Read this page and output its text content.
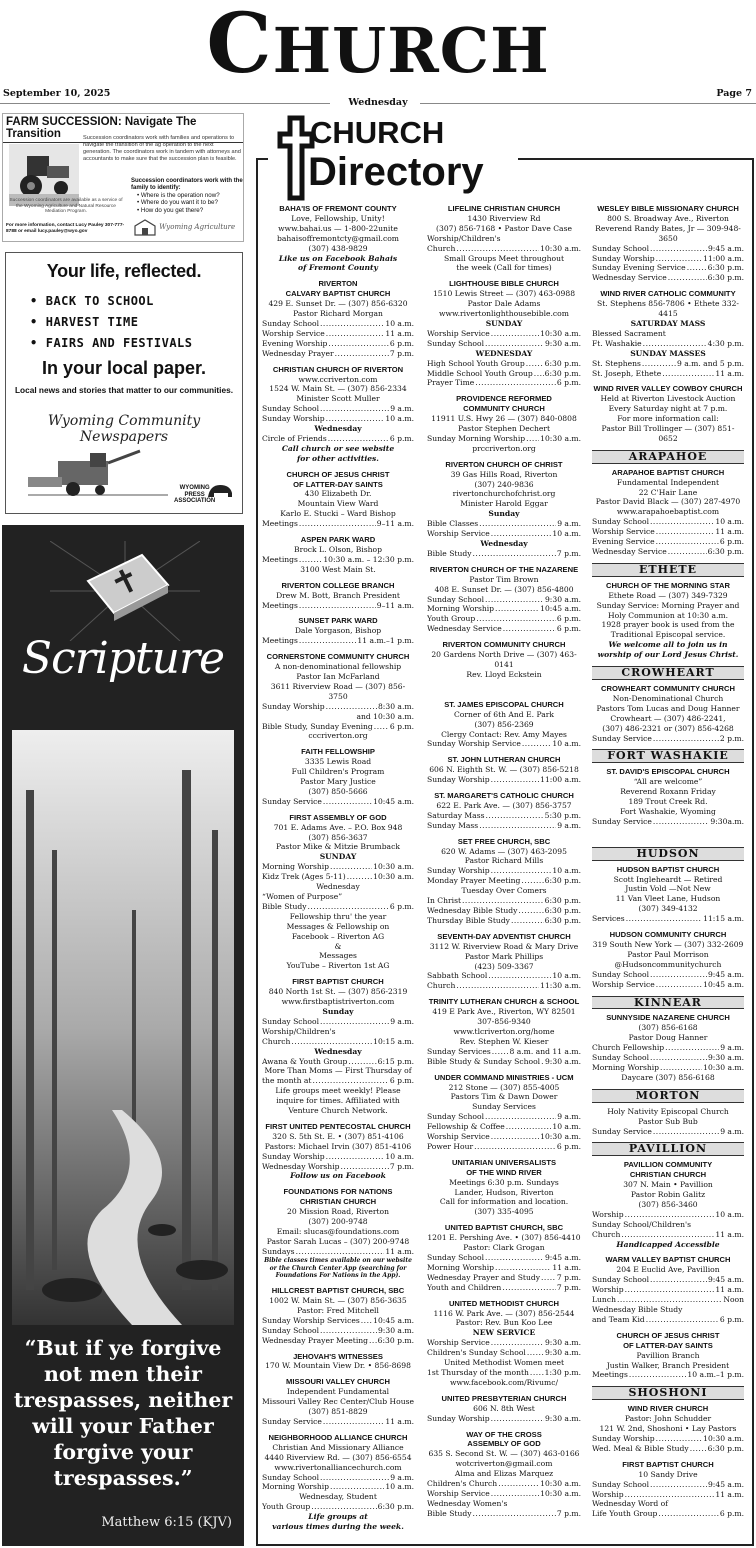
CHURCH
September 10, 2025	Page 7
Wednesday
FARM SUCCESSION: Navigate The Transition	Succession coordinators work with families and operations to navigate the transition of the ag operation to the next generation. The coordinators work in tandem with attorneys and accountants to make sure that the succession plan is feasible.
Succession coordinators work with the family to identify:
• Where is the operation now?
• Where do you want it to be?
• How do you get there?
Succession coordinators are available as a service of the Wyoming Agriculture and Natural Resource Mediation Program.
For more information, contact Lucy Pauley 307-777-8788 or email lucy.pauley@wyo.gov
Wyoming Agriculture
Your life, reflected.
• BACK TO SCHOOL
• HARVEST TIME
• FAIRS AND FESTIVALS
In your local paper.
Local news and stories that matter to our communities.
Wyoming Community Newspapers
WYOMING
PRESS
ASSOCIATION
Scripture
“But if ye forgive not men their trespasses, neither will your Father forgive your trespasses.”
Matthew 6:15 (KJV)
CHURCH
Directory
BAHA'IS OF FREMONT COUNTY
Love, Fellowship, Unity!
www.bahai.us — 1-800-22unite
bahaisoffremontcty@gmail.com
(307) 438-9829
Like us on Facebook Bahais
of Fremont County
RIVERTON
CALVARY BAPTIST CHURCH
429 E. Sunset Dr. — (307) 856-6320
Pastor Richard Morgan
Sunday School .....	10 a.m.
Worship Service .....	11 a.m.
Evening Worship .....	6 p.m.
Wednesday Prayer .....	7 p.m.
CHRISTIAN CHURCH OF RIVERTON
www.ccriverton.com
1524 W. Main St. — (307) 856-2334
Minister Scott Muller
Sunday School .....	9 a.m.
Sunday Worship .....	10 a.m.
Wednesday
Circle of Friends .....	6 p.m.
Call church or see website
for other activities.
CHURCH OF JESUS CHRIST
OF LATTER-DAY SAINTS
430 Elizabeth Dr.
Mountain View Ward
Karlo E. Stucki – Ward Bishop
Meetings .....	9–11 a.m.
ASPEN PARK WARD
Brock L. Olson, Bishop
Meetings .....	10:30 a.m. – 12:30 p.m.
3100 West Main St.
RIVERTON COLLEGE BRANCH
Drew M. Bott, Branch President
Meetings .....	9–11 a.m.
SUNSET PARK WARD
Dale Yorgason, Bishop
Meetings .....	11 a.m.–1 p.m.
CORNERSTONE COMMUNITY CHURCH
A non-denominational fellowship
Pastor Ian McFarland
3611 Riverview Road — (307) 856-3750
Sunday Worship .....	8:30 a.m.
and 10:30 a.m.
Bible Study, Sunday Evening ..... 6 p.m.
cccriverton.org
FAITH FELLOWSHIP
3335 Lewis Road
Full Children's Program
Pastor Mary Justice
(307) 850-5666
Sunday Service .....	10:45 a.m.
FIRST ASSEMBLY OF GOD
701 E. Adams Ave. – P.O. Box 948
(307) 856-3637
Pastor Mike & Mitzie Brumback
SUNDAY
Morning Worship .....	10:30 a.m.
Kidz Trek (Ages 5-11) .....	10:30 a.m.
Wednesday
“Women of Purpose”
Bible Study .....	6 p.m.
Fellowship thru' the year
Messages & Fellowship on
Facebook – Riverton AG
&
Messages
YouTube – Riverton 1st AG
FIRST BAPTIST CHURCH
840 North 1st St. — (307) 856-2319
www.firstbaptistriverton.com
Sunday
Sunday School .....	9 a.m.
Worship/Children's
Church .....	10:15 a.m.
Wednesday
Awana & Youth Group .....	6:15 p.m.
More Than Moms — First Thursday of
the month at .....	6 p.m.
Life groups meet weekly! Please
inquire for times. Affiliated with
Venture Church Network.
FIRST UNITED PENTECOSTAL CHURCH
320 S. 5th St. E. • (307) 851-4106
Pastors: Michael Irvin (307) 851-4106
Sunday Worship .....	10 a.m.
Wednesday Worship .....	7 p.m.
Follow us on Facebook
FOUNDATIONS FOR NATIONS
CHRISTIAN CHURCH
20 Mission Road, Riverton
(307) 200-9748
Email: slucas@foundations.com
Pastor Sarah Lucas – (307) 200-9748
Sundays .....	11 a.m.
Bible classes times available on our website
or the Church Center App (searching for
Foundations For Nations in the App).
HILLCREST BAPTIST CHURCH, SBC
1002 W. Main St. — (307) 856-3635
Pastor: Fred Mitchell
Sunday Worship Services ..... 10:45 a.m.
Sunday School .....	9:30 a.m.
Wednesday Prayer Meeting ..... 6:30 p.m.
JEHOVAH'S WITNESSES
170 W. Mountain View Dr. • 856-8698
MISSOURI VALLEY CHURCH
Independent Fundamental
Missouri Valley Rec Center/Club House
(307) 851-8829
Sunday Service .....	11 a.m.
NEIGHBORHOOD ALLIANCE CHURCH
Christian And Missionary Alliance
4440 Riverview Rd. — (307) 856-6554
www.rivertonalliancechurch.com
Sunday School .....	9 a.m.
Morning Worship .....	10 a.m.
Wednesday, Student
Youth Group .....	6:30 p.m.
Life groups at
various times during the week.
LIFELINE CHRISTIAN CHURCH
1430 Riverview Rd
(307) 856-7168 • Pastor Dave Case
Worship/Children's
Church .....	10:30 a.m.
Small Groups Meet throughout
the week (Call for times)
LIGHTHOUSE BIBLE CHURCH
1510 Lewis Street — (307) 463-0988
Pastor Dale Adams
www.rivertonlighthousebible.com
SUNDAY
Worship Service .....	10:30 a.m.
Sunday School .....	9:30 a.m.
WEDNESDAY
High School Youth Group .....	6:30 p.m.
Middle School Youth Group ..... 6:30 p.m.
Prayer Time .....	6 p.m.
PROVIDENCE REFORMED
COMMUNITY CHURCH
11911 U.S. Hwy 26 — (307) 840-0808
Pastor Stephen Dechert
Sunday Morning Worship ..... 10:30 a.m.
prccriverton.org
RIVERTON CHURCH OF CHRIST
39 Gas Hills Road, Riverton
(307) 240-9836
rivertonchurchofchrist.org
Minister Harold Eggar
Sunday
Bible Classes .....	9 a.m.
Worship Service .....	10 a.m.
Wednesday
Bible Study .....	7 p.m.
RIVERTON CHURCH OF THE NAZARENE
Pastor Tim Brown
408 E. Sunset Dr. — (307) 856-4800
Sunday School .....	9:30 a.m.
Morning Worship .....	10:45 a.m.
Youth Group .....	6 p.m.
Wednesday Service .....	6 p.m.
RIVERTON COMMUNITY CHURCH
20 Gardens North Drive — (307) 463-0141
Rev. Lloyd Eckstein
ST. JAMES EPISCOPAL CHURCH
Corner of 6th And E. Park
(307) 856-2369
Clergy Contact: Rev. Amy Mayes
Sunday Worship Service .....	10 a.m.
ST. JOHN LUTHERAN CHURCH
606 N. Eighth St. W. — (307) 856-5218
Sunday Worship .....	11:00 a.m.
ST. MARGARET'S CATHOLIC CHURCH
622 E. Park Ave. — (307) 856-3757
Saturday Mass .....	5:30 p.m.
Sunday Mass .....	9 a.m.
SET FREE CHURCH, SBC
620 W. Adams — (307) 463-2095
Pastor Richard Mills
Sunday Worship .....	10 a.m.
Monday Prayer Meeting .....	6:30 p.m.
Tuesday Over Comers
In Christ .....	6:30 p.m.
Wednesday Bible Study .....	6:30 p.m.
Thursday Bible Study .....	6:30 p.m.
SEVENTH-DAY ADVENTIST CHURCH
3112 W. Riverview Road & Mary Drive
Pastor Mark Phillips
(423) 509-3367
Sabbath School .....	10 a.m.
Church .....	11:30 a.m.
TRINITY LUTHERAN CHURCH & SCHOOL
419 E Park Ave., Riverton, WY 82501
307-856-9340
www.tlcriverton.org/home
Rev. Stephen W. Kieser
Sunday Services ..... 8 a.m. and 11 a.m.
Bible Study & Sunday School ..... 9:30 a.m.
UNDER COMMAND MINISTRIES - UCM
212 Stone — (307) 855-4005
Pastors Tim & Dawn Dower
Sunday Services
Sunday School .....	9 a.m.
Fellowship & Coffee .....	10 a.m.
Worship Service .....	10:30 a.m.
Power Hour .....	6 p.m.
UNITARIAN UNIVERSALISTS
OF THE WIND RIVER
Meetings 6:30 p.m. Sundays
Lander, Hudson, Riverton
Call for information and location.
(307) 335-4095
UNITED BAPTIST CHURCH, SBC
1201 E. Pershing Ave. • (307) 856-4410
Pastor: Clark Grogan
Sunday School .....	9:45 a.m.
Morning Worship .....	11 a.m.
Wednesday Prayer and Study ..... 7 p.m.
Youth and Children .....	7 p.m.
UNITED METHODIST CHURCH
1116 W. Park Ave. — (307) 856-2544
Pastor: Rev. Bun Koo Lee
NEW SERVICE
Worship Service .....	9:30 a.m.
Children's Sunday School .....	9:30 a.m.
United Methodist Women meet
1st Thursday of the month ..... 1:30 p.m.
www.facebook.com/Rivumc/
UNITED PRESBYTERIAN CHURCH
606 N. 8th West
Sunday Worship .....	9:30 a.m.
WAY OF THE CROSS
ASSEMBLY OF GOD
635 S. Second St. W. — (307) 463-0166
wotcriverton@gmail.com
Alma and Elizas Marquez
Children's Church .....	10:30 a.m.
Worship Service .....	10:30 a.m.
Wednesday Women's
Bible Study .....	7 p.m.
WESLEY BIBLE MISSIONARY CHURCH
800 S. Broadway Ave., Riverton
Reverend Randy Bates, Jr — 309-948-3650
Sunday School .....	9:45 a.m.
Sunday Worship .....	11:00 a.m.
Sunday Evening Service .....	6:30 p.m.
Wednesday Service .....	6:30 p.m.
WIND RIVER CATHOLIC COMMUNITY
St. Stephens 856-7806 • Ethete 332-4415
SATURDAY MASS
Blessed Sacrament
Ft. Washakie .....	4:30 p.m.
SUNDAY MASSES
St. Stephens .....	9 a.m. and 5 p.m.
St. Joseph, Ethete .....	11 a.m.
WIND RIVER VALLEY COWBOY CHURCH
Held at Riverton Livestock Auction
Every Saturday night at 7 p.m.
For more information call:
Pastor Bill Trollinger — (307) 851-0652
ARAPAHOE
ARAPAHOE BAPTIST CHURCH
Fundamental Independent
22 C'Hair Lane
Pastor David Black — (307) 287-4970
www.arapahoebaptist.com
Sunday School .....	10 a.m.
Worship Service .....	11 a.m.
Evening Service .....	6 p.m.
Wednesday Service .....	6:30 p.m.
ETHETE
CHURCH OF THE MORNING STAR
Ethete Road — (307) 349-7329
Sunday Service: Morning Prayer and
Holy Communion at 10:30 a.m.
1928 prayer book is used from the
Traditional Episcopal service.
We welcome all to join us in
worship of our Lord Jesus Christ.
CROWHEART
CROWHEART COMMUNITY CHURCH
Non-Denominational Church
Pastors Tom Lucas and Doug Hanner
Crowheart — (307) 486-2241,
(307) 486-2321 or (307) 856-4268
Sunday Service .....	2 p.m.
FORT WASHAKIE
ST. DAVID'S EPISCOPAL CHURCH
“All are welcome”
Reverend Roxann Friday
189 Trout Creek Rd.
Fort Washakie, Wyoming
Sunday Service .....	9:30a.m.
HUDSON
HUDSON BAPTIST CHURCH
Scott Ingleheardt — Retired
Justin Vold —Not New
11 Van Vleet Lane, Hudson
(307) 349-4132
Services .....	11:15 a.m.
HUDSON COMMUNITY CHURCH
319 South New York — (307) 332-2609
Pastor Paul Morrison
@Hudsoncommunitychurch
Sunday School .....	9:45 a.m.
Worship Service .....	10:45 a.m.
KINNEAR
SUNNYSIDE NAZARENE CHURCH
(307) 856-6168
Pastor Doug Hanner
Church Fellowship .....	9 a.m.
Sunday School .....	9:30 a.m.
Morning Worship .....	10:30 a.m.
Daycare (307) 856-6168
MORTON
Holy Nativity Episcopal Church
Pastor Sub Bub
Sunday Service .....	9 a.m.
PAVILLION
PAVILLION COMMUNITY
CHRISTIAN CHURCH
307 N. Main • Pavillion
Pastor Robin Galitz
(307) 856-3460
Worship .....	10 a.m.
Sunday School/Children's
Church .....	11 a.m.
Handicapped Accessible
WARM VALLEY BAPTIST CHURCH
204 E Euclid Ave, Pavillion
Sunday School .....	9:45 a.m.
Worship .....	11 a.m.
Lunch .....	Noon
Wednesday Bible Study
and Team Kid .....	6 p.m.
CHURCH OF JESUS CHRIST
OF LATTER-DAY SAINTS
Pavillion Branch
Justin Walker, Branch President
Meetings .....	10 a.m.–1 p.m.
SHOSHONI
WIND RIVER CHURCH
Pastor: John Schudder
121 W. 2nd, Shoshoni • Lay Pastors
Sunday Worship .....	10:30 a.m.
Wed. Meal & Bible Study ..... 6:30 p.m.
FIRST BAPTIST CHURCH
10 Sandy Drive
Sunday School .....	9:45 a.m.
Worship .....	11 a.m.
Wednesday Word of
Life Youth Group .....	6 p.m.
